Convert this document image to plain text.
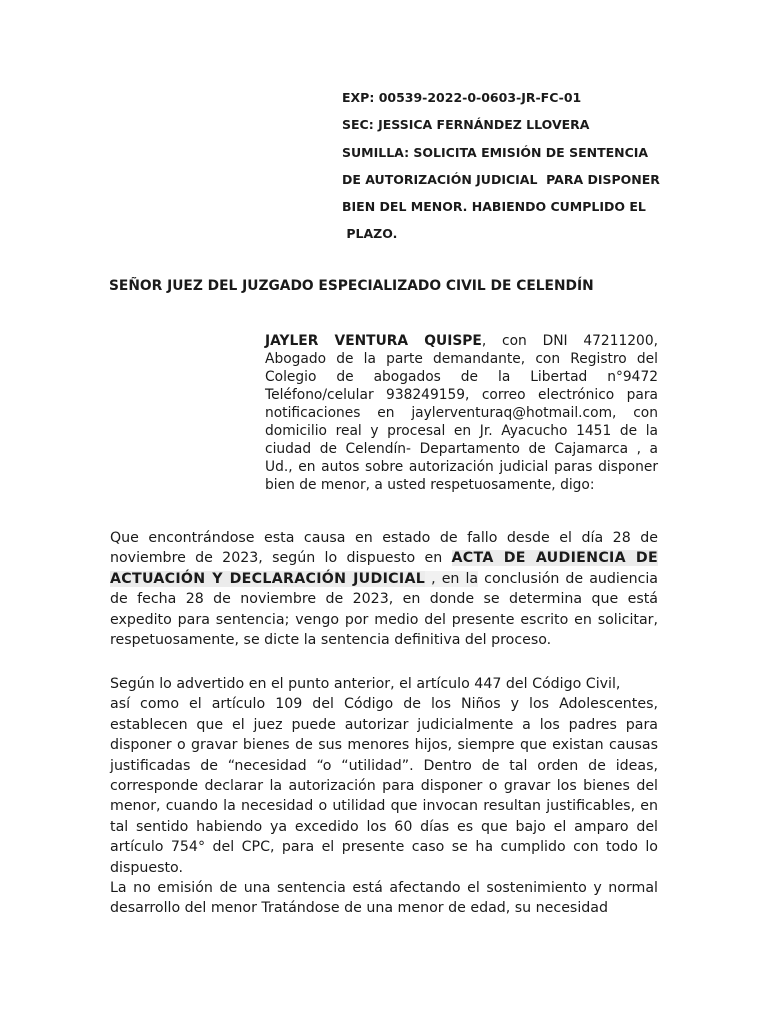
EXP: 00539-2022-0-0603-JR-FC-01
SEC: JESSICA FERNÁNDEZ LLOVERA
SUMILLA: SOLICITA EMISIÓN DE SENTENCIA
DE AUTORIZACIÓN JUDICIAL  PARA DISPONER
BIEN DEL MENOR. HABIENDO CUMPLIDO EL
PLAZO.
SEÑOR JUEZ DEL JUZGADO ESPECIALIZADO CIVIL DE CELENDÍN
JAYLER VENTURA QUISPE, con DNI 47211200, Abogado de la parte demandante, con Registro del Colegio de abogados de la Libertad n°9472 Teléfono/celular 938249159, correo electrónico para notificaciones en jaylerventuraq@hotmail.com, con domicilio real y procesal en Jr. Ayacucho 1451 de la ciudad de Celendín- Departamento de Cajamarca , a Ud., en autos sobre autorización judicial paras disponer bien de menor, a usted respetuosamente, digo:
Que encontrándose esta causa en estado de fallo desde el día 28 de noviembre de 2023, según lo dispuesto en ACTA DE AUDIENCIA DE ACTUACIÓN Y DECLARACIÓN JUDICIAL , en la conclusión de audiencia de fecha 28 de noviembre de 2023, en donde se determina que está expedito para sentencia; vengo por medio del presente escrito en solicitar, respetuosamente, se dicte la sentencia definitiva del proceso.
Según lo advertido en el punto anterior, el artículo 447 del Código Civil,
así como el artículo 109 del Código de los Niños y los Adolescentes, establecen que el juez puede autorizar judicialmente a los padres para disponer o gravar bienes de sus menores hijos, siempre que existan causas justificadas de “necesidad “o “utilidad”. Dentro de tal orden de ideas, corresponde declarar la autorización para disponer o gravar los bienes del menor, cuando la necesidad o utilidad que invocan resultan justificables, en tal sentido habiendo ya excedido los 60 días es que bajo el amparo del artículo 754° del CPC, para el presente caso se ha cumplido con todo lo dispuesto.
La no emisión de una sentencia está afectando el sostenimiento y normal desarrollo del menor Tratándose de una menor de edad, su necesidad
